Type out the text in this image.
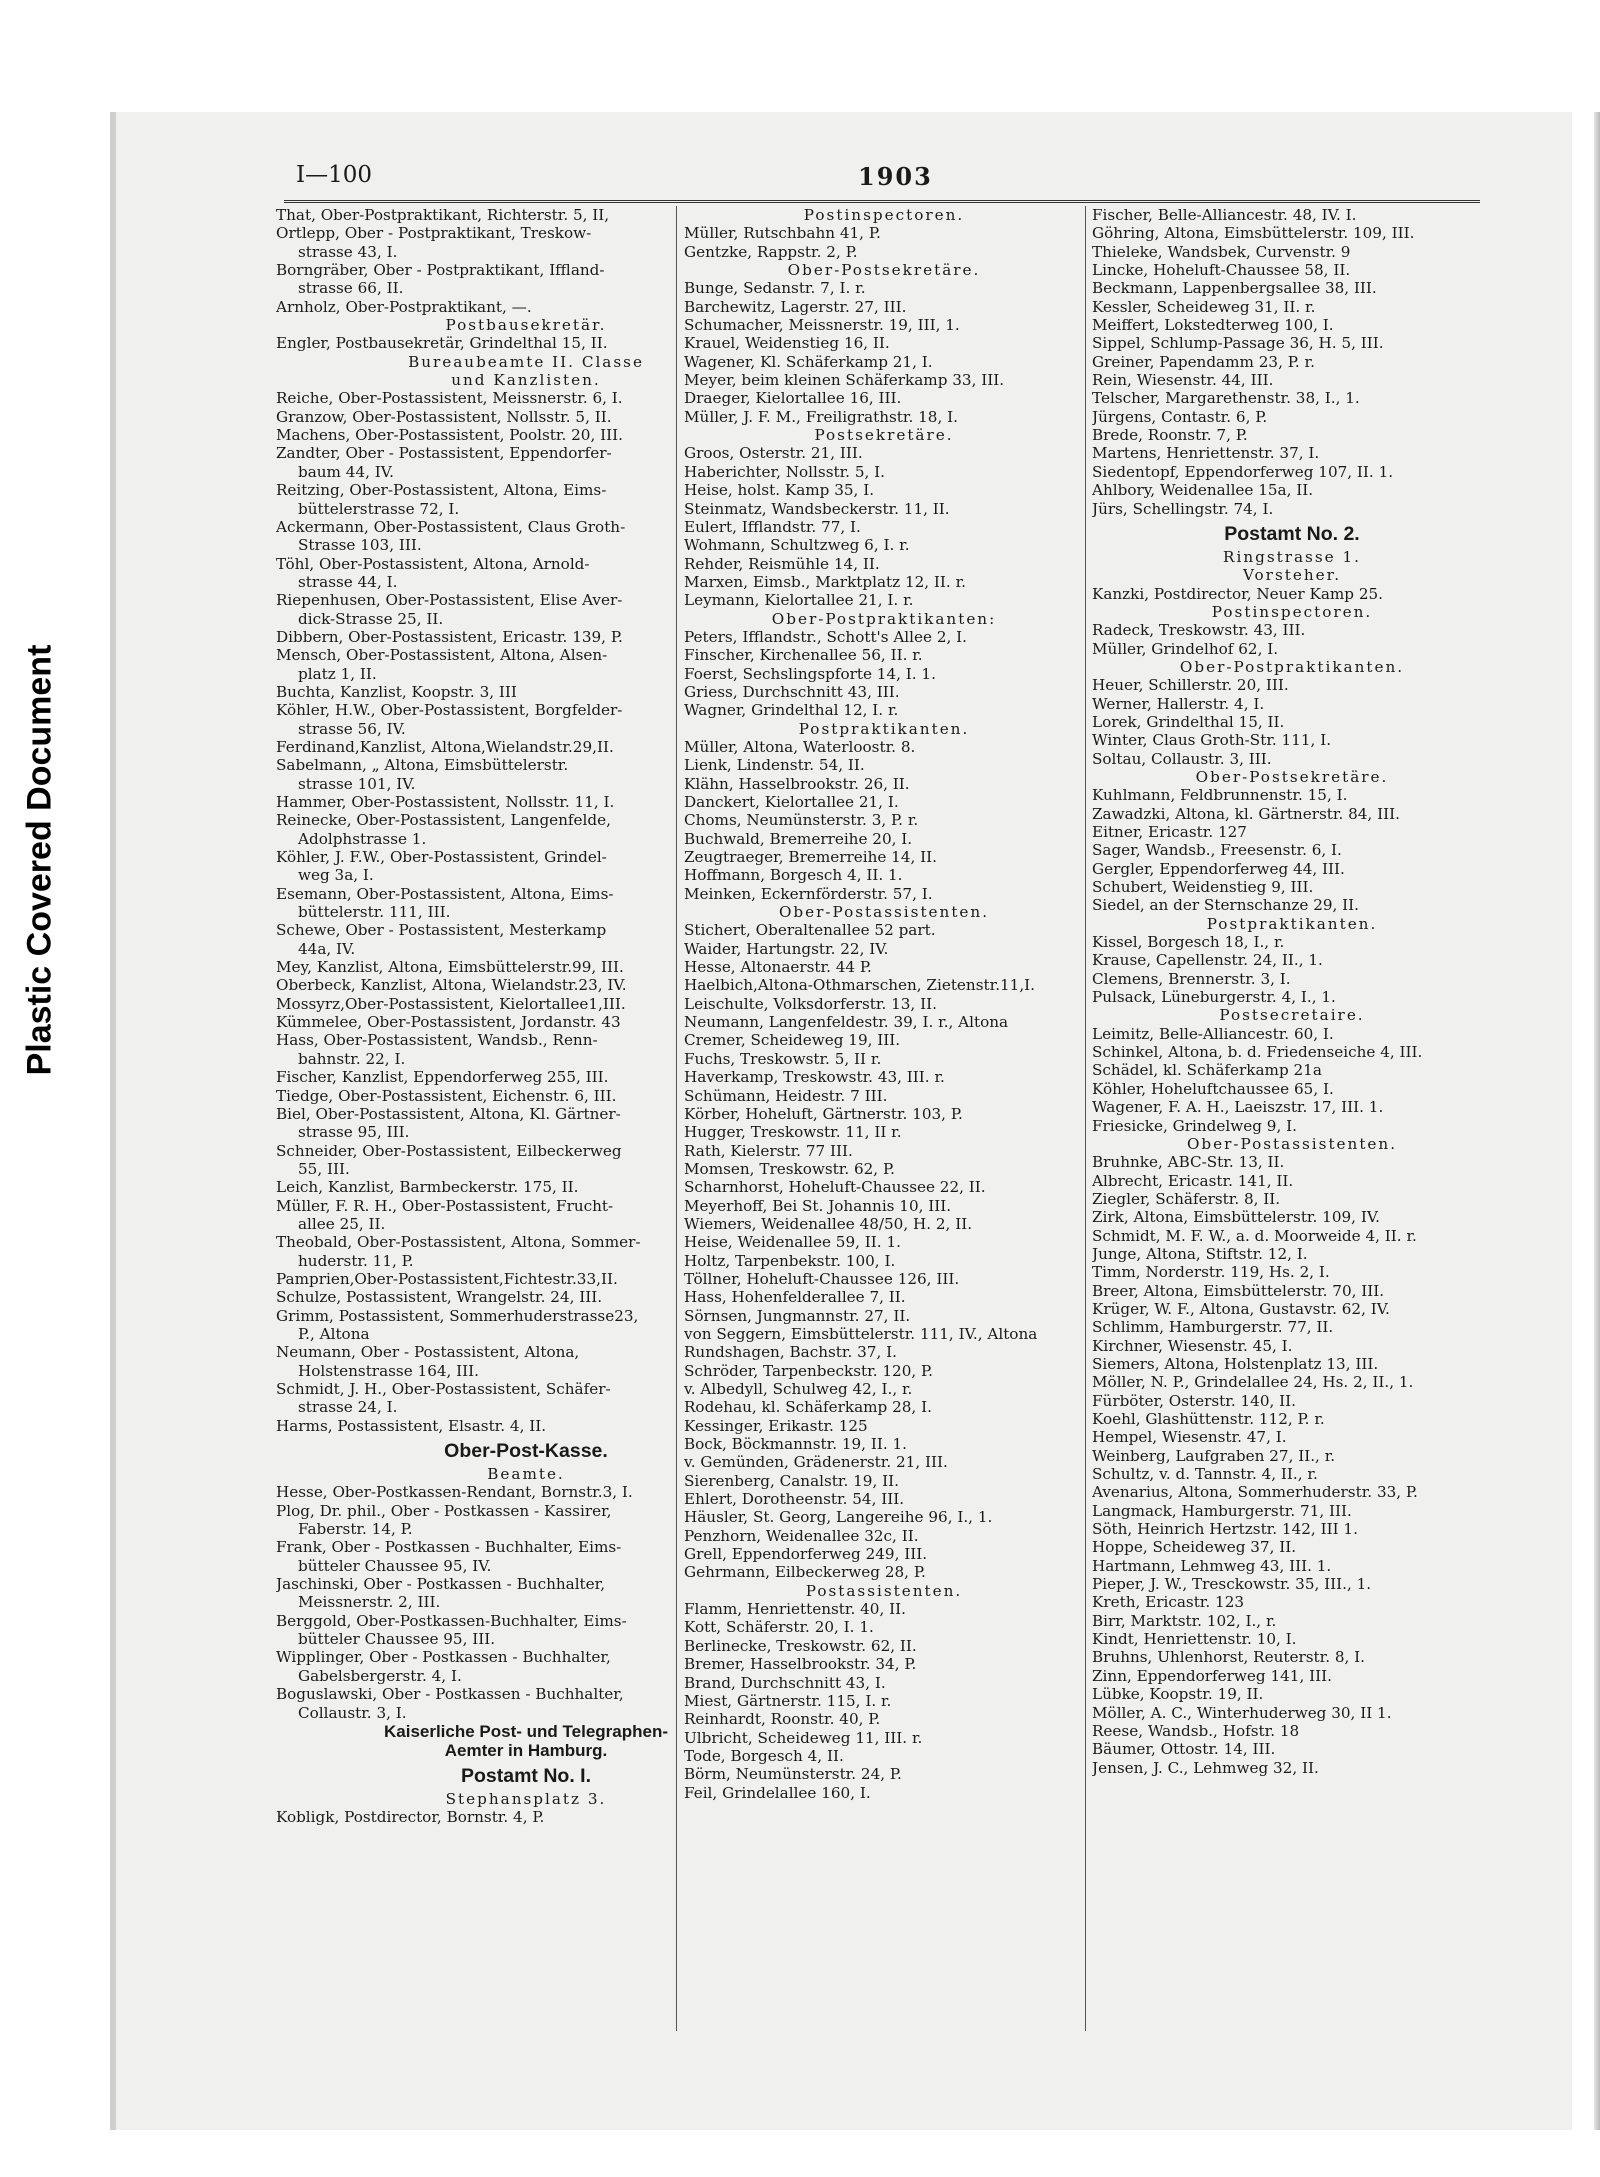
Plastic Covered Document
I—100	1903
That, Ober-Postpraktikant, Richterstr. 5, II,
Ortlepp, Ober - Postpraktikant, Treskow-
strasse 43, I.
Borngräber, Ober - Postpraktikant, Iffland-
strasse 66, II.
Arnholz, Ober-Postpraktikant, —.
Postbausekretär.
Engler, Postbausekretär, Grindelthal 15, II.
Bureaubeamte II. Classe
und Kanzlisten.
Reiche, Ober-Postassistent, Meissnerstr. 6, I.
Granzow, Ober-Postassistent, Nollsstr. 5, II.
Machens, Ober-Postassistent, Poolstr. 20, III.
Zandter, Ober - Postassistent, Eppendorfer-
baum 44, IV.
Reitzing, Ober-Postassistent, Altona, Eims-
büttelerstrasse 72, I.
Ackermann, Ober-Postassistent, Claus Groth-
Strasse 103, III.
Töhl, Ober-Postassistent, Altona, Arnold-
strasse 44, I.
Riepenhusen, Ober-Postassistent, Elise Aver-
dick-Strasse 25, II.
Dibbern, Ober-Postassistent, Ericastr. 139, P.
Mensch, Ober-Postassistent, Altona, Alsen-
platz 1, II.
Buchta, Kanzlist, Koopstr. 3, III
Köhler, H.W., Ober-Postassistent, Borgfelder-
strasse 56, IV.
Ferdinand,Kanzlist, Altona,Wielandstr.29,II.
Sabelmann, „ Altona, Eimsbüttelerstr.
strasse 101, IV.
Hammer, Ober-Postassistent, Nollsstr. 11, I.
Reinecke, Ober-Postassistent, Langenfelde,
Adolphstrasse 1.
Köhler, J. F.W., Ober-Postassistent, Grindel-
weg 3a, I.
Esemann, Ober-Postassistent, Altona, Eims-
büttelerstr. 111, III.
Schewe, Ober - Postassistent, Mesterkamp
44a, IV.
Mey, Kanzlist, Altona, Eimsbüttelerstr.99, III.
Oberbeck, Kanzlist, Altona, Wielandstr.23, IV.
Mossyrz,Ober-Postassistent, Kielortallee1,III.
Kümmelee, Ober-Postassistent, Jordanstr. 43
Hass, Ober-Postassistent, Wandsb., Renn-
bahnstr. 22, I.
Fischer, Kanzlist, Eppendorferweg 255, III.
Tiedge, Ober-Postassistent, Eichenstr. 6, III.
Biel, Ober-Postassistent, Altona, Kl. Gärtner-
strasse 95, III.
Schneider, Ober-Postassistent, Eilbeckerweg
55, III.
Leich, Kanzlist, Barmbeckerstr. 175, II.
Müller, F. R. H., Ober-Postassistent, Frucht-
allee 25, II.
Theobald, Ober-Postassistent, Altona, Sommer-
huderstr. 11, P.
Pamprien,Ober-Postassistent,Fichtestr.33,II.
Schulze, Postassistent, Wrangelstr. 24, III.
Grimm, Postassistent, Sommerhuderstrasse23,
P., Altona
Neumann, Ober - Postassistent, Altona,
Holstenstrasse 164, III.
Schmidt, J. H., Ober-Postassistent, Schäfer-
strasse 24, I.
Harms, Postassistent, Elsastr. 4, II.
Ober-Post-Kasse.
Beamte.
Hesse, Ober-Postkassen-Rendant, Bornstr.3, I.
Plog, Dr. phil., Ober - Postkassen - Kassirer,
Faberstr. 14, P.
Frank, Ober - Postkassen - Buchhalter, Eims-
bütteler Chaussee 95, IV.
Jaschinski, Ober - Postkassen - Buchhalter,
Meissnerstr. 2, III.
Berggold, Ober-Postkassen-Buchhalter, Eims-
bütteler Chaussee 95, III.
Wipplinger, Ober - Postkassen - Buchhalter,
Gabelsbergerstr. 4, I.
Boguslawski, Ober - Postkassen - Buchhalter,
Collaustr. 3, I.
Kaiserliche Post- und Telegraphen-
Aemter in Hamburg.
Postamt No. I.
Stephansplatz 3.
Kobligk, Postdirector, Bornstr. 4, P.
Postinspectoren.
Müller, Rutschbahn 41, P.
Gentzke, Rappstr. 2, P.
Ober-Postsekretäre.
Bunge, Sedanstr. 7, I. r.
Barchewitz, Lagerstr. 27, III.
Schumacher, Meissnerstr. 19, III, 1.
Krauel, Weidenstieg 16, II.
Wagener, Kl. Schäferkamp 21, I.
Meyer, beim kleinen Schäferkamp 33, III.
Draeger, Kielortallee 16, III.
Müller, J. F. M., Freiligrathstr. 18, I.
Postsekretäre.
Groos, Osterstr. 21, III.
Haberichter, Nollsstr. 5, I.
Heise, holst. Kamp 35, I.
Steinmatz, Wandsbeckerstr. 11, II.
Eulert, Ifflandstr. 77, I.
Wohmann, Schultzweg 6, I. r.
Rehder, Reismühle 14, II.
Marxen, Eimsb., Marktplatz 12, II. r.
Leymann, Kielortallee 21, I. r.
Ober-Postpraktikanten:
Peters, Ifflandstr., Schott's Allee 2, I.
Finscher, Kirchenallee 56, II. r.
Foerst, Sechslingspforte 14, I. 1.
Griess, Durchschnitt 43, III.
Wagner, Grindelthal 12, I. r.
Postpraktikanten.
Müller, Altona, Waterloostr. 8.
Lienk, Lindenstr. 54, II.
Klähn, Hasselbrookstr. 26, II.
Danckert, Kielortallee 21, I.
Choms, Neumünsterstr. 3, P. r.
Buchwald, Bremerreihe 20, I.
Zeugtraeger, Bremerreihe 14, II.
Hoffmann, Borgesch 4, II. 1.
Meinken, Eckernförderstr. 57, I.
Ober-Postassistenten.
Stichert, Oberaltenallee 52 part.
Waider, Hartungstr. 22, IV.
Hesse, Altonaerstr. 44 P.
Haelbich,Altona-Othmarschen, Zietenstr.11,I.
Leischulte, Volksdorferstr. 13, II.
Neumann, Langenfeldestr. 39, I. r., Altona
Cremer, Scheideweg 19, III.
Fuchs, Treskowstr. 5, II r.
Haverkamp, Treskowstr. 43, III. r.
Schümann, Heidestr. 7 III.
Körber, Hoheluft, Gärtnerstr. 103, P.
Hugger, Treskowstr. 11, II r.
Rath, Kielerstr. 77 III.
Momsen, Treskowstr. 62, P.
Scharnhorst, Hoheluft-Chaussee 22, II.
Meyerhoff, Bei St. Johannis 10, III.
Wiemers, Weidenallee 48/50, H. 2, II.
Heise, Weidenallee 59, II. 1.
Holtz, Tarpenbekstr. 100, I.
Töllner, Hoheluft-Chaussee 126, III.
Hass, Hohenfelderallee 7, II.
Sörnsen, Jungmannstr. 27, II.
von Seggern, Eimsbüttelerstr. 111, IV., Altona
Rundshagen, Bachstr. 37, I.
Schröder, Tarpenbeckstr. 120, P.
v. Albedyll, Schulweg 42, I., r.
Rodehau, kl. Schäferkamp 28, I.
Kessinger, Erikastr. 125
Bock, Böckmannstr. 19, II. 1.
v. Gemünden, Grädenerstr. 21, III.
Sierenberg, Canalstr. 19, II.
Ehlert, Dorotheenstr. 54, III.
Häusler, St. Georg, Langereihe 96, I., 1.
Penzhorn, Weidenallee 32c, II.
Grell, Eppendorferweg 249, III.
Gehrmann, Eilbeckerweg 28, P.
Postassistenten.
Flamm, Henriettenstr. 40, II.
Kott, Schäferstr. 20, I. 1.
Berlinecke, Treskowstr. 62, II.
Bremer, Hasselbrookstr. 34, P.
Brand, Durchschnitt 43, I.
Miest, Gärtnerstr. 115, I. r.
Reinhardt, Roonstr. 40, P.
Ulbricht, Scheideweg 11, III. r.
Tode, Borgesch 4, II.
Börm, Neumünsterstr. 24, P.
Feil, Grindelallee 160, I.
Fischer, Belle-Alliancestr. 48, IV. I.
Göhring, Altona, Eimsbüttelerstr. 109, III.
Thieleke, Wandsbek, Curvenstr. 9
Lincke, Hoheluft-Chaussee 58, II.
Beckmann, Lappenbergsallee 38, III.
Kessler, Scheideweg 31, II. r.
Meiffert, Lokstedterweg 100, I.
Sippel, Schlump-Passage 36, H. 5, III.
Greiner, Papendamm 23, P. r.
Rein, Wiesenstr. 44, III.
Telscher, Margarethenstr. 38, I., 1.
Jürgens, Contastr. 6, P.
Brede, Roonstr. 7, P.
Martens, Henriettenstr. 37, I.
Siedentopf, Eppendorferweg 107, II. 1.
Ahlbory, Weidenallee 15a, II.
Jürs, Schellingstr. 74, I.
Postamt No. 2.
Ringstrasse 1.
Vorsteher.
Kanzki, Postdirector, Neuer Kamp 25.
Postinspectoren.
Radeck, Treskowstr. 43, III.
Müller, Grindelhof 62, I.
Ober-Postpraktikanten.
Heuer, Schillerstr. 20, III.
Werner, Hallerstr. 4, I.
Lorek, Grindelthal 15, II.
Winter, Claus Groth-Str. 111, I.
Soltau, Collaustr. 3, III.
Ober-Postsekretäre.
Kuhlmann, Feldbrunnenstr. 15, I.
Zawadzki, Altona, kl. Gärtnerstr. 84, III.
Eitner, Ericastr. 127
Sager, Wandsb., Freesenstr. 6, I.
Gergler, Eppendorferweg 44, III.
Schubert, Weidenstieg 9, III.
Siedel, an der Sternschanze 29, II.
Postpraktikanten.
Kissel, Borgesch 18, I., r.
Krause, Capellenstr. 24, II., 1.
Clemens, Brennerstr. 3, I.
Pulsack, Lüneburgerstr. 4, I., 1.
Postsecretaire.
Leimitz, Belle-Alliancestr. 60, I.
Schinkel, Altona, b. d. Friedenseiche 4, III.
Schädel, kl. Schäferkamp 21a
Köhler, Hoheluftchaussee 65, I.
Wagener, F. A. H., Laeiszstr. 17, III. 1.
Friesicke, Grindelweg 9, I.
Ober-Postassistenten.
Bruhnke, ABC-Str. 13, II.
Albrecht, Ericastr. 141, II.
Ziegler, Schäferstr. 8, II.
Zirk, Altona, Eimsbüttelerstr. 109, IV.
Schmidt, M. F. W., a. d. Moorweide 4, II. r.
Junge, Altona, Stiftstr. 12, I.
Timm, Norderstr. 119, Hs. 2, I.
Breer, Altona, Eimsbüttelerstr. 70, III.
Krüger, W. F., Altona, Gustavstr. 62, IV.
Schlimm, Hamburgerstr. 77, II.
Kirchner, Wiesenstr. 45, I.
Siemers, Altona, Holstenplatz 13, III.
Möller, N. P., Grindelallee 24, Hs. 2, II., 1.
Fürböter, Osterstr. 140, II.
Koehl, Glashüttenstr. 112, P. r.
Hempel, Wiesenstr. 47, I.
Weinberg, Laufgraben 27, II., r.
Schultz, v. d. Tannstr. 4, II., r.
Avenarius, Altona, Sommerhuderstr. 33, P.
Langmack, Hamburgerstr. 71, III.
Söth, Heinrich Hertzstr. 142, III 1.
Hoppe, Scheideweg 37, II.
Hartmann, Lehmweg 43, III. 1.
Pieper, J. W., Tresckowstr. 35, III., 1.
Kreth, Ericastr. 123
Birr, Marktstr. 102, I., r.
Kindt, Henriettenstr. 10, I.
Bruhns, Uhlenhorst, Reuterstr. 8, I.
Zinn, Eppendorferweg 141, III.
Lübke, Koopstr. 19, II.
Möller, A. C., Winterhuderweg 30, II 1.
Reese, Wandsb., Hofstr. 18
Bäumer, Ottostr. 14, III.
Jensen, J. C., Lehmweg 32, II.
